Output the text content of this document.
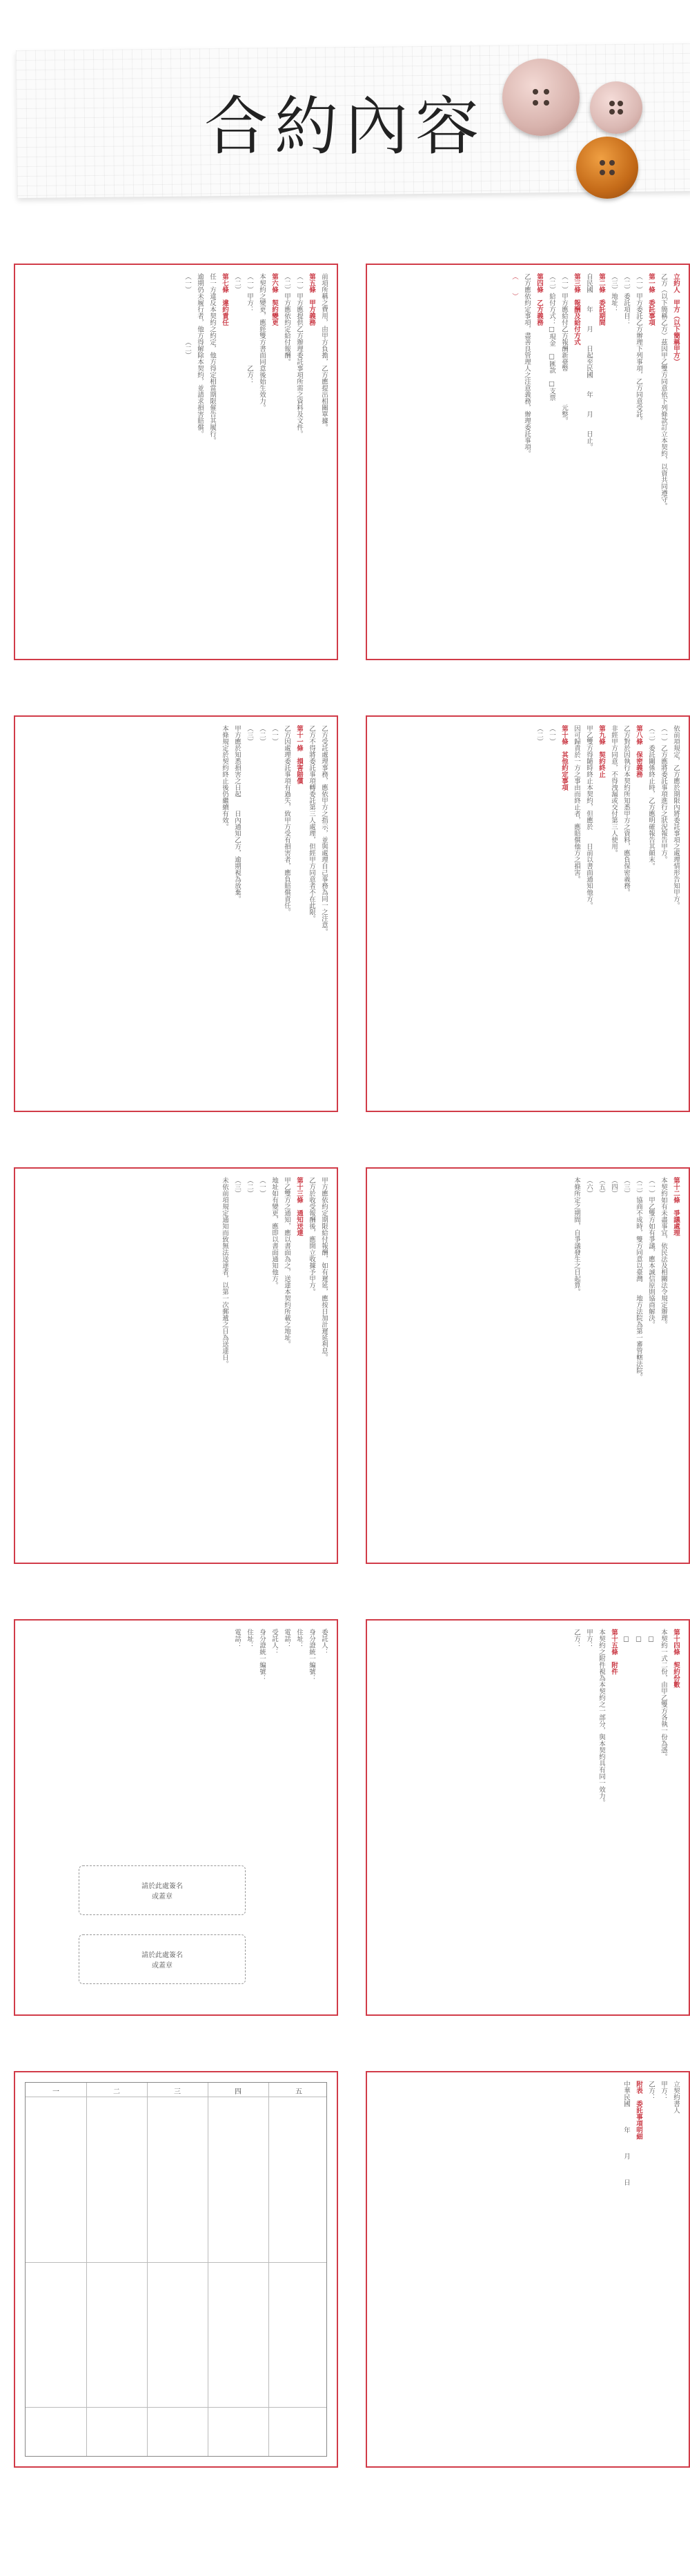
合約內容

立約人　甲方（以下簡稱甲方）

乙方（以下簡稱乙方）茲因甲乙雙方同意依下列條款訂立本契約，以資共同遵守。

第一條　委託事項

（一）甲方委託乙方辦理下列事項，乙方同意受託。

（二）委託項目：　　　　　　　　　　　　　　

（三）地址：　　　　　　　　　　　　　　　　

第二條　委託期間

自民國　　年　　月　　日起至民國　　年　　月　　日止。

第三條　報酬及給付方式

（一）甲方應給付乙方報酬新臺幣　　　　　元整。

（二）給付方式：□現金　□匯款　□支票

第四條　乙方義務

乙方應依約定事項，盡善良管理人之注意義務，辦理委託事項。

（　　）

前項所稱之費用，由甲方負擔，乙方應提出相關單據。

第五條　甲方義務

（一）甲方應提供乙方辦理委託事項所需之資料及文件。

（二）甲方應依約定給付報酬。

第六條　契約變更

本契約之變更，應經雙方書面同意後始生效力。

（一）甲方：　　　　　　　　乙方：　　　　　　

（二）　　　　　　　　　　　　　　　　　　

第七條　違約責任

任一方違反本契約之約定，他方得定相當期限催告其履行。

逾期仍未履行者，他方得解除本契約，並請求損害賠償。

（一）　　　　　　　　（二）　　　　　　　　

依前項規定，乙方應於期限內將委託事項之處理情形告知甲方。

（一）乙方應將委託事項進行之狀況報告甲方。

（二）委託關係終止時，乙方應明確報告其顛末。

第八條　保密義務

乙方對於因執行本契約所知悉甲方之資料，應負保密義務。

非經甲方同意，不得洩漏或交付第三人使用。

第九條　契約終止

甲乙雙方得隨時終止本契約，但應於　　日前以書面通知他方。

因可歸責於一方之事由而終止者，應賠償他方之損害。

第十條　其他約定事項

（一）　　　　　　　　　　　　　　　　　　

（二）　　　　　　　　　　　　　　　　　　

乙方受託處理事務，應依甲方之指示，並與處理自己事務為同一之注意。

乙方不得將委託事項轉委託第三人處理，但經甲方同意者不在此限。

第十一條　損害賠償

乙方因處理委託事項有過失，致甲方受有損害者，應負賠償責任。

（一）　　　　　　　　　　　　　　　　　　

（二）　　　　　　　　　　　　　　　　　　

（三）　　　　　　　　　　　　　　　　　　

甲方應於知悉損害之日起　　日內通知乙方，逾期視為放棄。

本條規定於契約終止後仍繼續有效。

第十二條　爭議處理

本契約如有未盡事宜，依民法及相關法令規定辦理。

（一）甲乙雙方如有爭議，應本誠信原則協商解決。

（二）協商不成時，雙方同意以臺灣　　地方法院為第一審管轄法院。

（三）　　　　　　　　　　　　　　　　　　

（四）　　　　　　　　　　　　　　　　　　

（五）　　　　　　　　　　　　　　　　　　

（六）　　　　　　　　　　　　　　　　　　

本條所定之期間，自爭議發生之日起算。

甲方應依約定期限給付報酬，如有遲延，應按日加計遲延利息。

乙方於收受報酬後，應開立收據予甲方。

第十三條　通知送達

甲乙雙方之通知，應以書面為之，送達本契約所載之地址。

地址如有變更，應即以書面通知他方。

（一）　　　　　　　　　　　　　　　　　　

（二）　　　　　　　　　　　　　　　　　　

（三）　　　　　　　　　　　　　　　　　　

未依前項規定通知而致無法送達者，以第一次郵遞之日為送達日。

第十四條　契約份數

本契約一式二份，由甲乙雙方各執一份為憑。

　□　　　　　　　　　　　　　　　　　　　

　□　　　　　　　　　　　　　　　　　　　

　□　　　　　　　　　　　　　　　　　　　

第十五條　附件

本契約之附件視為本契約之一部分，與本契約具有同一效力。

甲方：　　　　　　　　　　　　　　　　　　

乙方：　　　　　　　　　　　　　　　　　　

委託人：　　　　　　　　　　　　　　　　　

身分證統一編號：　　　　　　　　　　　　　

住址：　　　　　　　　　　　　　　　　　　

電話：　　　　　　　　　　　　　　　　　　

受託人：　　　　　　　　　　　　　　　　　

身分證統一編號：　　　　　　　　　　　　　

住址：　　　　　　　　　　　　　　　　　　

電話：　　　　　　　　　　　　　　　　　　

請於此處簽名
或蓋章
請於此處簽名
或蓋章

立契約書人

甲方：　　　　　　　　　　　　　　　　　　

乙方：　　　　　　　　　　　　　　　　　　

附表　委託事項明細

中華民國　　　年　　　月　　　日

一	二	三	四	五
